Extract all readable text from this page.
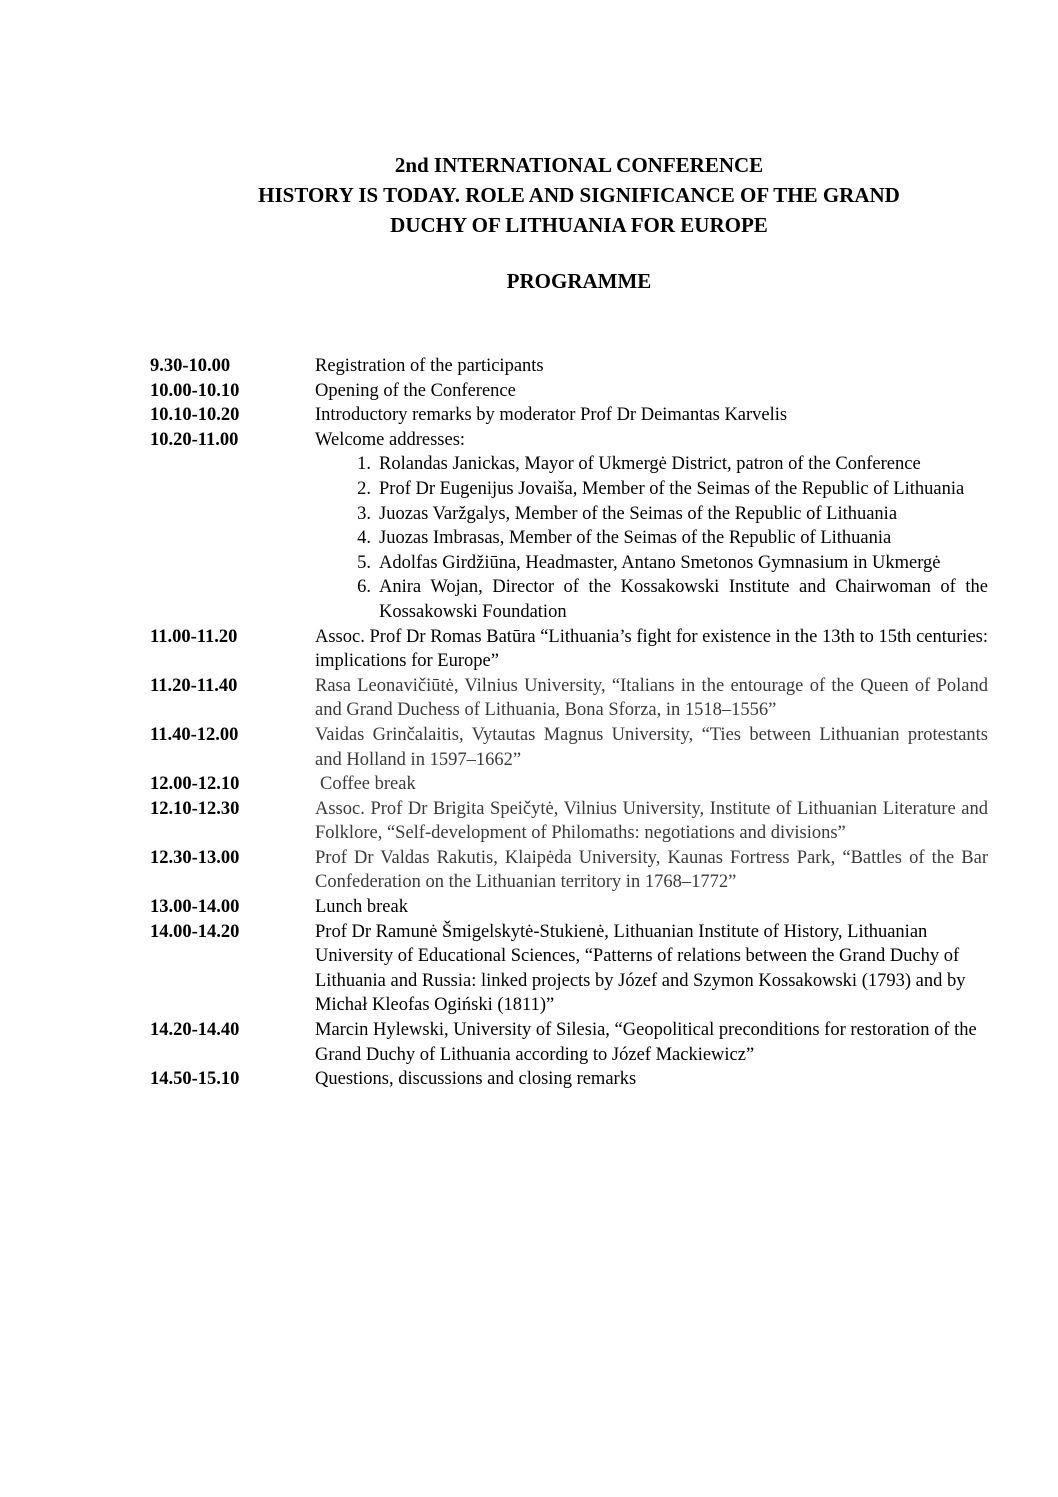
2nd INTERNATIONAL CONFERENCE
HISTORY IS TODAY. ROLE AND SIGNIFICANCE OF THE GRAND
DUCHY OF LITHUANIA FOR EUROPE
PROGRAMME
9.30-10.00	Registration of the participants
10.00-10.10	Opening of the Conference
10.10-10.20	Introductory remarks by moderator Prof Dr Deimantas Karvelis
10.20-11.00	Welcome addresses:
1. Rolandas Janickas, Mayor of Ukmergė District, patron of the Conference
2. Prof Dr Eugenijus Jovaiša, Member of the Seimas of the Republic of Lithuania
3. Juozas Varžgalys, Member of the Seimas of the Republic of Lithuania
4. Juozas Imbrasas, Member of the Seimas of the Republic of Lithuania
5. Adolfas Girdžiūna, Headmaster, Antano Smetonos Gymnasium in Ukmergė
6. Anira Wojan, Director of the Kossakowski Institute and Chairwoman of the Kossakowski Foundation
11.00-11.20	Assoc. Prof Dr Romas Batūra “Lithuania’s fight for existence in the 13th to 15th centuries: implications for Europe”
11.20-11.40	Rasa Leonavičiūtė, Vilnius University, “Italians in the entourage of the Queen of Poland and Grand Duchess of Lithuania, Bona Sforza, in 1518–1556”
11.40-12.00	Vaidas Grinčalaitis, Vytautas Magnus University, “Ties between Lithuanian protestants and Holland in 1597–1662”
12.00-12.10	Coffee break
12.10-12.30	Assoc. Prof Dr Brigita Speičytė, Vilnius University, Institute of Lithuanian Literature and Folklore, “Self-development of Philomaths: negotiations and divisions”
12.30-13.00	Prof Dr Valdas Rakutis, Klaipėda University, Kaunas Fortress Park, “Battles of the Bar Confederation on the Lithuanian territory in 1768–1772”
13.00-14.00	Lunch break
14.00-14.20	Prof Dr Ramunė Šmigelskytė-Stukienė, Lithuanian Institute of History, Lithuanian University of Educational Sciences, “Patterns of relations between the Grand Duchy of Lithuania and Russia: linked projects by Józef and Szymon Kossakowski (1793) and by Michał Kleofas Ogiński (1811)”
14.20-14.40	Marcin Hylewski, University of Silesia, “Geopolitical preconditions for restoration of the Grand Duchy of Lithuania according to Józef Mackiewicz”
14.50-15.10	Questions, discussions and closing remarks
